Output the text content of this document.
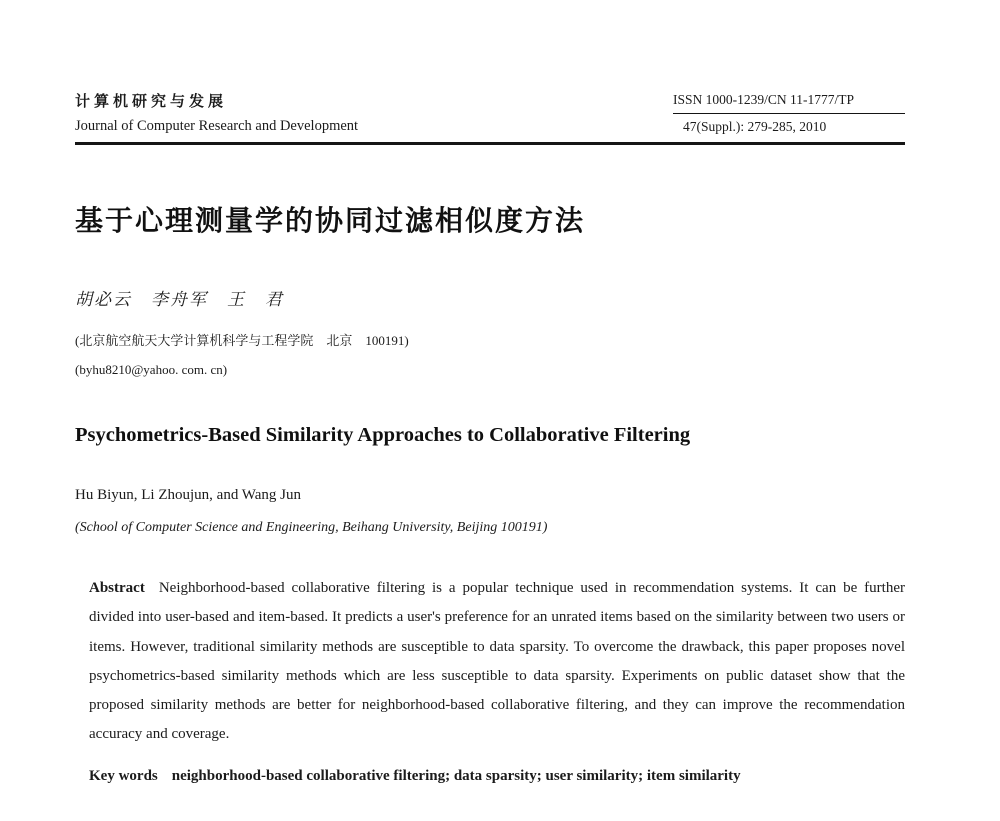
计算机研究与发展
Journal of Computer Research and Development
ISSN 1000-1239/CN 11-1777/TP
47(Suppl.): 279-285, 2010
基于心理测量学的协同过滤相似度方法
胡必云　李舟军　王　君
(北京航空航天大学计算机科学与工程学院　北京　100191)
(byhu8210@yahoo. com. cn)
Psychometrics-Based Similarity Approaches to Collaborative Filtering
Hu Biyun, Li Zhoujun, and Wang Jun
(School of Computer Science and Engineering, Beihang University, Beijing 100191)

Abstract Neighborhood-based collaborative filtering is a popular technique used in recommendation systems. It can be further divided into user-based and item-based. It predicts a user's preference for an unrated items based on the similarity between two users or items. However, traditional similarity methods are susceptible to data sparsity. To overcome the drawback, this paper proposes novel psychometrics-based similarity methods which are less susceptible to data sparsity. Experiments on public dataset show that the proposed similarity methods are better for neighborhood-based collaborative filtering, and they can improve the recommendation accuracy and coverage.

Key words neighborhood-based collaborative filtering; data sparsity; user similarity; item similarity
